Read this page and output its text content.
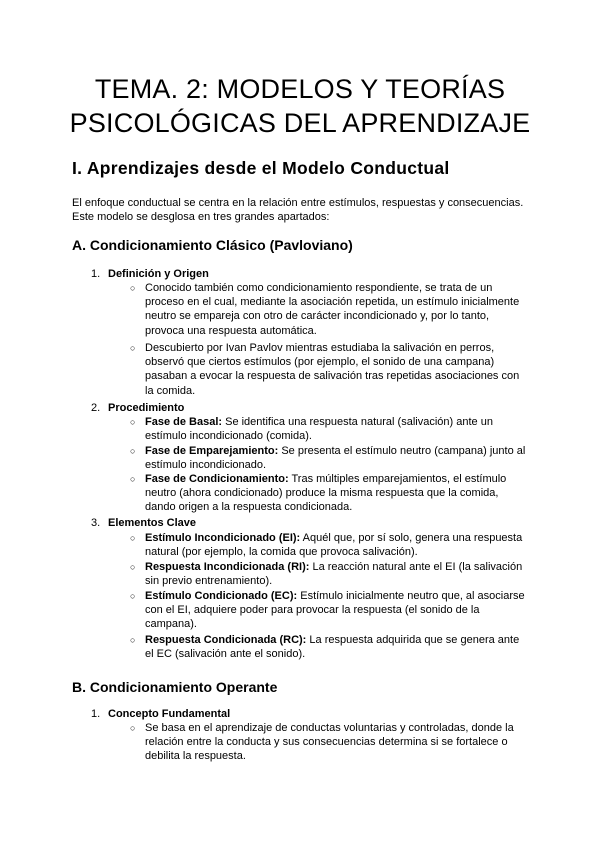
TEMA. 2: MODELOS Y TEORÍAS
PSICOLÓGICAS DEL APRENDIZAJE
I. Aprendizajes desde el Modelo Conductual

El enfoque conductual se centra en la relación entre estímulos, respuestas y consecuencias. Este modelo se desglosa en tres grandes apartados:

A. Condicionamiento Clásico (Pavloviano)
1. Definición y Origen
○ Conocido también como condicionamiento respondiente, se trata de un proceso en el cual, mediante la asociación repetida, un estímulo inicialmente neutro se empareja con otro de carácter incondicionado y, por lo tanto, provoca una respuesta automática.
○ Descubierto por Ivan Pavlov mientras estudiaba la salivación en perros, observó que ciertos estímulos (por ejemplo, el sonido de una campana) pasaban a evocar la respuesta de salivación tras repetidas asociaciones con la comida.
2. Procedimiento
○ Fase de Basal: Se identifica una respuesta natural (salivación) ante un estímulo incondicionado (comida).
○ Fase de Emparejamiento: Se presenta el estímulo neutro (campana) junto al estímulo incondicionado.
○ Fase de Condicionamiento: Tras múltiples emparejamientos, el estímulo neutro (ahora condicionado) produce la misma respuesta que la comida, dando origen a la respuesta condicionada.
3. Elementos Clave
○ Estímulo Incondicionado (EI): Aquél que, por sí solo, genera una respuesta natural (por ejemplo, la comida que provoca salivación).
○ Respuesta Incondicionada (RI): La reacción natural ante el EI (la salivación sin previo entrenamiento).
○ Estímulo Condicionado (EC): Estímulo inicialmente neutro que, al asociarse con el EI, adquiere poder para provocar la respuesta (el sonido de la campana).
○ Respuesta Condicionada (RC): La respuesta adquirida que se genera ante el EC (salivación ante el sonido).
B. Condicionamiento Operante
1. Concepto Fundamental
○ Se basa en el aprendizaje de conductas voluntarias y controladas, donde la relación entre la conducta y sus consecuencias determina si se fortalece o debilita la respuesta.
